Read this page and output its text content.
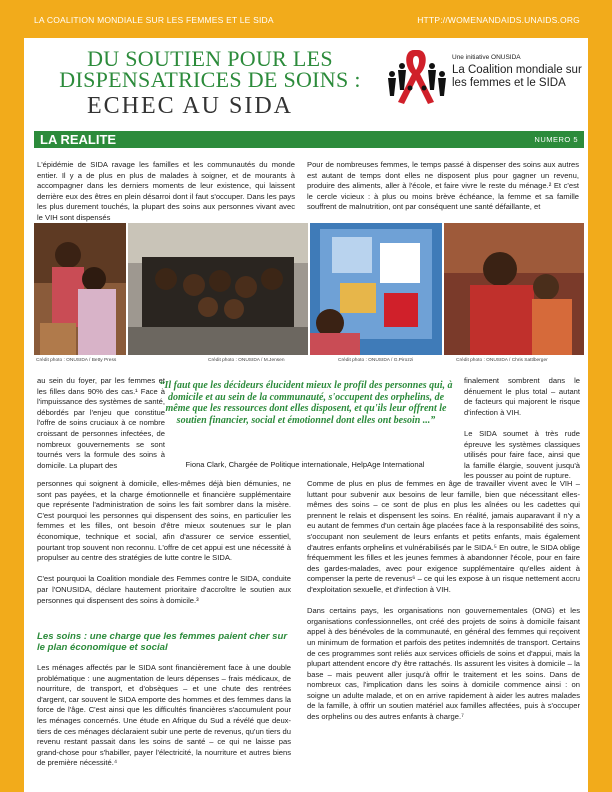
LA COALITION MONDIALE SUR LES FEMMES ET LE SIDA	HTTP://WOMENANDAIDS.UNAIDS.ORG
DU SOUTIEN POUR LES
DISPENSATRICES DE SOINS :
ECHEC AU SIDA
Une initiative ONUSIDA
La Coalition mondiale sur
les femmes et le SIDA
LA REALITE	NUMERO 5
L'épidémie de SIDA ravage les familles et les communautés du monde entier. Il y a de plus en plus de malades à soigner, et de mourants à accompagner dans les derniers moments de leur existence, qui laissent derrière eux des êtres en plein désarroi dont il faut s'occuper. Dans les pays les plus durement touchés, la plupart des soins aux personnes vivant avec le VIH sont dispensés
Pour de nombreuses femmes, le temps passé à dispenser des soins aux autres est autant de temps dont elles ne disposent plus pour gagner un revenu, produire des aliments, aller à l'école, et faire vivre le reste du ménage.² Et c'est le cercle vicieux : à plus ou moins brève échéance, la femme et sa famille souffrent de malnutrition, ont par conséquent une santé défaillante, et
Crédit photo : ONUSIDA / Betty Press	Crédit photo : ONUSIDA / M.Jensen	Crédit photo : ONUSIDA / G.Pirozzi	Crédit photo : ONUSIDA / Chris Sattlberger
au sein du foyer, par les femmes et les filles dans 90% des cas.¹ Face à l'impuissance des systèmes de santé, débordés par l'enjeu que constitue l'offre de soins cruciaux à ce nombre croissant de personnes infectées, de nombreux gouvernements se sont tournés vers la formule des soins à domicile. La plupart des
“Il faut que les décideurs élucident mieux le profil des personnes qui, à domicile et au sein de la communauté, s'occupent des orphelins, de même que les ressources dont elles disposent, et qu'ils leur offrent le soutien financier, social et émotionnel dont elles ont besoin ...”
Fiona Clark, Chargée de Politique internationale, HelpAge International

finalement sombrent dans le dénuement le plus total – autant de facteurs qui majorent le risque d'infection à VIH.

Le SIDA soumet à très rude épreuve les systèmes classiques utilisés pour faire face, ainsi que la famille élargie, souvent jusqu'à les pousser au point de rupture.

personnes qui soignent à domicile, elles-mêmes déjà bien démunies, ne sont pas payées, et la charge émotionnelle et financière supplémentaire que représente l'administration de soins les fait sombrer dans la misère. C'est pourquoi les personnes qui dispensent des soins, en particulier les femmes et les filles, ont besoin d'être mieux soutenues sur le plan économique, technique et social, afin d'assurer ce service essentiel, pourtant trop souvent non reconnu. L'offre de cet appui est une nécessité à propulser au centre des stratégies de lutte contre le SIDA.

C'est pourquoi la Coalition mondiale des Femmes contre le SIDA, conduite par l'ONUSIDA, déclare hautement prioritaire d'accroître le soutien aux personnes qui dispensent des soins à domicile.³

Les soins : une charge que les femmes paient cher sur le plan économique et social
Les ménages affectés par le SIDA sont financièrement face à une double problématique : une augmentation de leurs dépenses – frais médicaux, de nourriture, de transport, et d'obsèques – et une chute des rentrées d'argent, car souvent le SIDA emporte des hommes et des femmes dans la force de l'âge. C'est ainsi que les difficultés financières s'accumulent pour les ménages concernés. Une étude en Afrique du Sud a révélé que deux-tiers de ces ménages déclaraient subir une perte de revenus, qu'un tiers du revenu restant passait dans les soins de santé – ce qui ne laisse pas grand-chose pour s'habiller, payer l'électricité, la nourriture et autres biens de première nécessité.⁴

Comme de plus en plus de femmes en âge de travailler vivent avec le VIH – luttant pour subvenir aux besoins de leur famille, bien que nécessitant elles-mêmes des soins – ce sont de plus en plus les aînées ou les cadettes qui prennent le relais et dispensent les soins. En réalité, jamais auparavant il n'y a eu autant de femmes d'un certain âge placées face à la responsabilité des soins, s'occupant non seulement de leurs enfants et petits enfants, mais également d'autres enfants orphelins et vulnérabilisés par le SIDA.⁵ En outre, le SIDA oblige fréquemment les filles et les jeunes femmes à abandonner l'école, pour en faire des gardes-malades, avec pour exigence supplémentaire qu'elles aident à compenser la perte de revenus⁶ – ce qui les expose à un risque nettement accru d'exploitation sexuelle, et d'infection à VIH.

Dans certains pays, les organisations non gouvernementales (ONG) et les organisations confessionnelles, ont créé des projets de soins à domicile faisant appel à des bénévoles de la communauté, en général des femmes qui reçoivent un minimum de formation et parfois des petites indemnités de transport. Certains de ces programmes sont reliés aux services officiels de soins et d'appui, mais la plupart attendent encore d'y être rattachés. Ils assurent les visites à domicile – la base – mais peuvent aller jusqu'à offrir le traitement et les soins. Dans de nombreux cas, l'implication dans les soins à domicile commence ainsi : on soigne un adulte malade, et on en arrive rapidement à aider les autres malades de la famille, à offrir un soutien matériel aux familles affectées, puis à s'occuper des orphelins ou des autres enfants à charge.⁷
